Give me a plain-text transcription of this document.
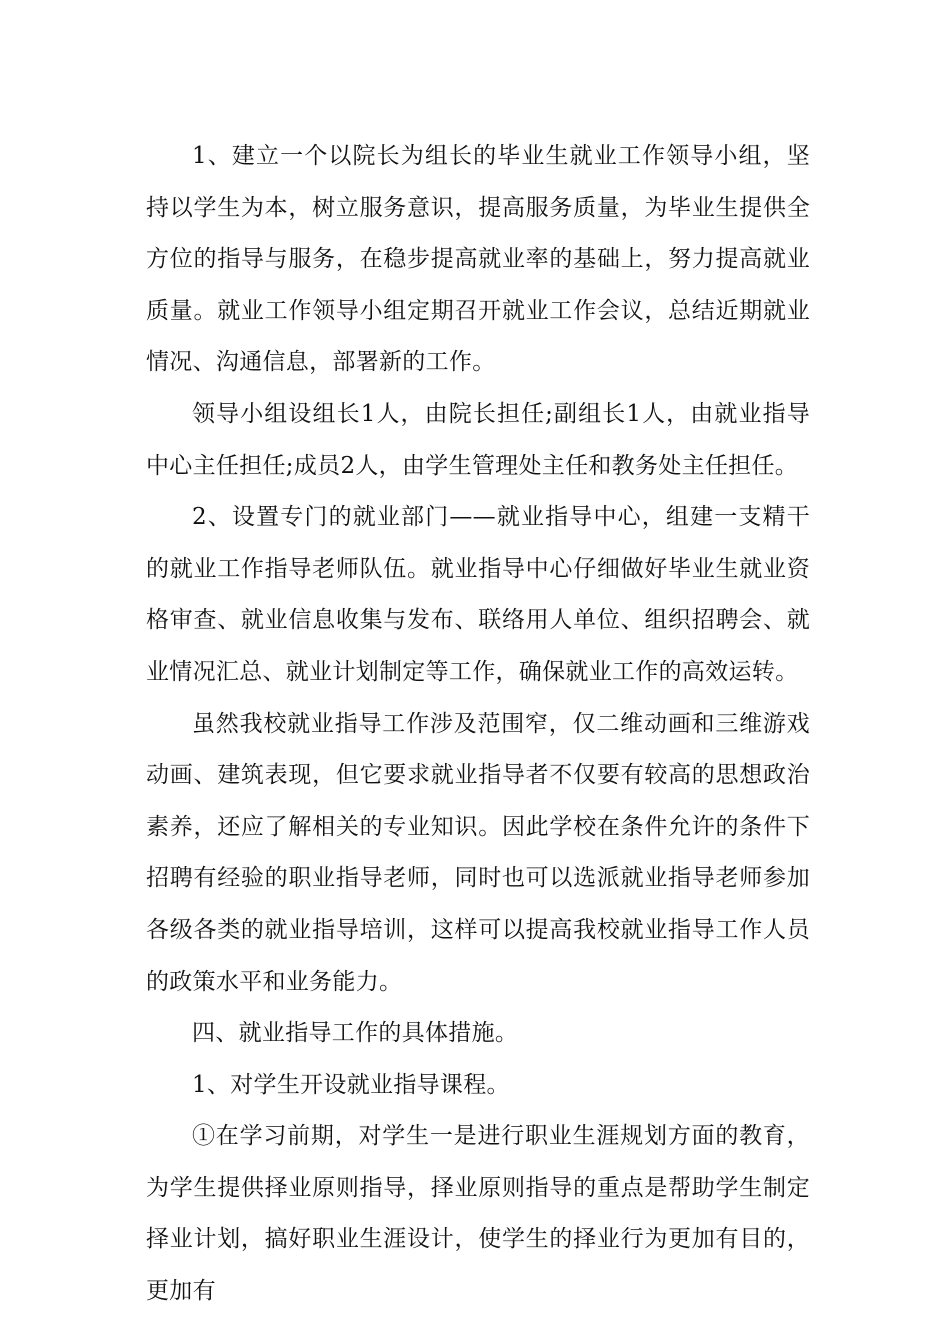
1、建立一个以院长为组长的毕业生就业工作领导小组，坚持以学生为本，树立服务意识，提高服务质量，为毕业生提供全方位的指导与服务，在稳步提高就业率的基础上，努力提高就业质量。就业工作领导小组定期召开就业工作会议，总结近期就业情况、沟通信息，部署新的工作。

领导小组设组长1人，由院长担任;副组长1人，由就业指导中心主任担任;成员2人，由学生管理处主任和教务处主任担任。

2、设置专门的就业部门——就业指导中心，组建一支精干的就业工作指导老师队伍。就业指导中心仔细做好毕业生就业资格审查、就业信息收集与发布、联络用人单位、组织招聘会、就业情况汇总、就业计划制定等工作，确保就业工作的高效运转。

虽然我校就业指导工作涉及范围窄，仅二维动画和三维游戏动画、建筑表现，但它要求就业指导者不仅要有较高的思想政治素养，还应了解相关的专业知识。因此学校在条件允许的条件下招聘有经验的职业指导老师，同时也可以选派就业指导老师参加各级各类的就业指导培训，这样可以提高我校就业指导工作人员的政策水平和业务能力。

四、就业指导工作的具体措施。

1、对学生开设就业指导课程。

①在学习前期，对学生一是进行职业生涯规划方面的教育，为学生提供择业原则指导，择业原则指导的重点是帮助学生制定择业计划，搞好职业生涯设计，使学生的择业行为更加有目的，更加有
